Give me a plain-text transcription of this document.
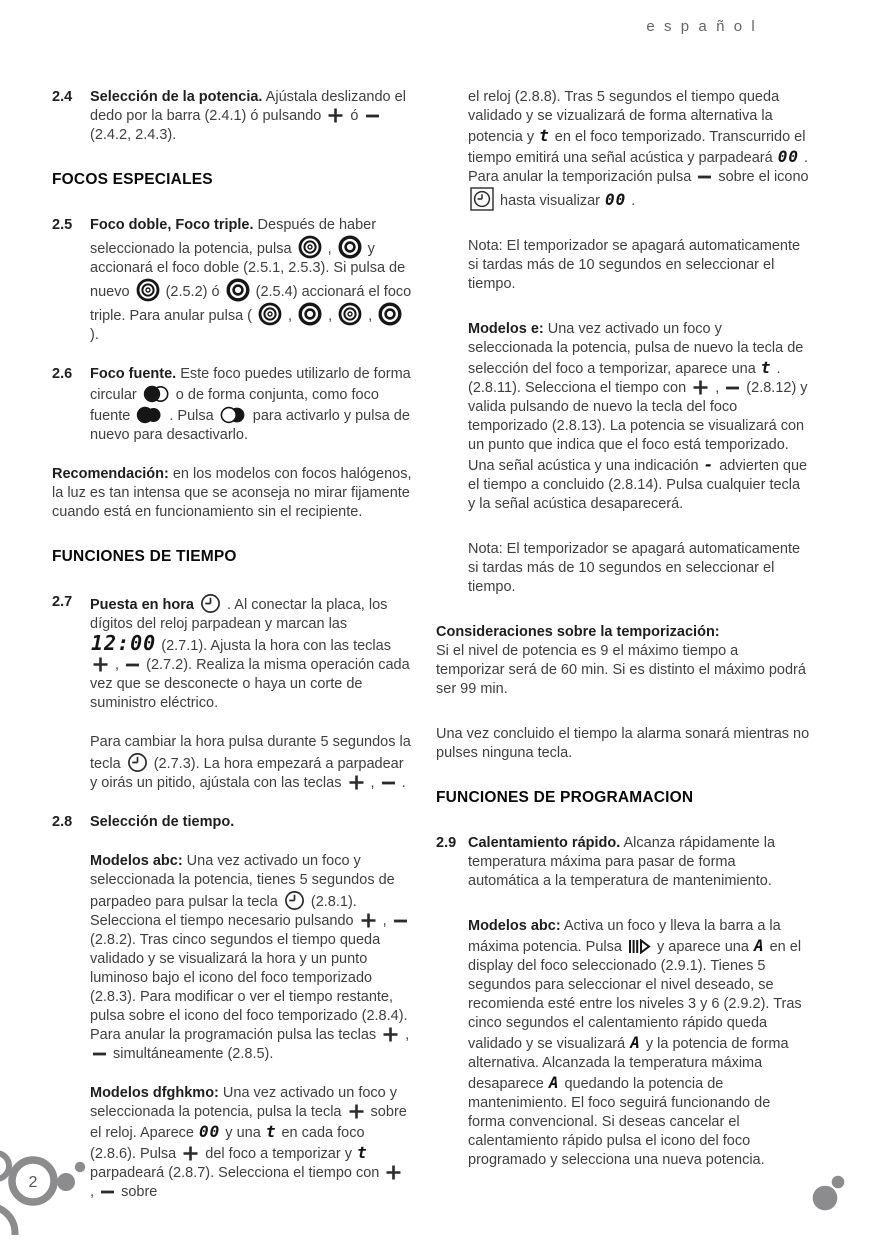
español
2.4	Selección de la potencia. Ajústala deslizando el dedo por la barra (2.4.1) ó pulsando
ó
(2.4.2, 2.4.3).

FOCOS ESPECIALES
2.5	Foco doble, Foco triple. Después de haber seleccionado la potencia, pulsa
,
y accionará el foco doble (2.5.1, 2.5.3). Si pulsa de nuevo
(2.5.2) ó
(2.5.4) accionará el foco triple. Para anular pulsa (
,
,
,
).

2.6	Foco fuente. Este foco puedes utilizarlo de forma circular
o de forma conjunta, como foco fuente
. Pulsa
para activarlo y pulsa de nuevo para desactivarlo.

Recomendación: en los modelos con focos halógenos, la luz es tan intensa que se aconseja no mirar fijamente cuando está en funcionamiento sin el recipiente.

FUNCIONES DE TIEMPO
2.7	Puesta en hora
. Al conectar la placa, los dígitos del reloj parpadean y marcan las 12:00 (2.7.1). Ajusta la hora con las teclas
,
(2.7.2). Realiza la misma operación cada vez que se desconecte o haya un corte de suministro eléctrico.

Para cambiar la hora pulsa durante 5 segundos la tecla
(2.7.3). La hora empezará a parpadear y oirás un pitido, ajústala con las teclas
,
.

2.8	Selección de tiempo.

Modelos abc: Una vez activado un foco y seleccionada la potencia, tienes 5 segundos de parpadeo para pulsar la tecla
(2.8.1). Selecciona el tiempo necesario pulsando
,
(2.8.2). Tras cinco segundos el tiempo queda validado y se visualizará la hora y un punto luminoso bajo el icono del foco temporizado (2.8.3). Para modificar o ver el tiempo restante, pulsa sobre el icono del foco temporizado (2.8.4). Para anular la programación pulsa las teclas
,
simultáneamente (2.8.5).

Modelos dfghkmo: Una vez activado un foco y seleccionada la potencia, pulsa la tecla
sobre el reloj. Aparece 00 y una t en cada foco (2.8.6). Pulsa
del foco a temporizar y t parpadeará (2.8.7). Selecciona el tiempo con
,
sobre

el reloj (2.8.8). Tras 5 segundos el tiempo queda validado y se vizualizará de forma alternativa la potencia y t en el foco temporizado. Transcurrido el tiempo emitirá una señal acústica y parpadeará 00 . Para anular la temporización pulsa
sobre el icono
hasta visualizar 00 .

Nota: El temporizador se apagará automaticamente si tardas más de 10 segundos en seleccionar el tiempo.

Modelos e: Una vez activado un foco y seleccionada la potencia, pulsa de nuevo la tecla de selección del foco a temporizar, aparece una t . (2.8.11). Selecciona el tiempo con
,
(2.8.12) y valida pulsando de nuevo la tecla del foco temporizado (2.8.13). La potencia se visualizará con un punto que indica que el foco está temporizado. Una señal acústica y una indicación - advierten que el tiempo a concluido (2.8.14). Pulsa cualquier tecla y la señal acústica desaparecerá.

Nota: El temporizador se apagará automaticamente si tardas más de 10 segundos en seleccionar el tiempo.

Consideraciones sobre la temporización:

Si el nivel de potencia es 9 el máximo tiempo a temporizar será de 60 min. Si es distinto el máximo podrá ser 99 min.

Una vez concluido el tiempo la alarma sonará mientras no pulses ninguna tecla.

FUNCIONES DE PROGRAMACION
2.9 Calentamiento rápido. Alcanza rápidamente la temperatura máxima para pasar de forma automática a la temperatura de mantenimiento.

Modelos abc: Activa un foco y lleva la barra a la máxima potencia. Pulsa
y aparece una A en el display del foco seleccionado (2.9.1). Tienes 5 segundos para seleccionar el nivel deseado, se recomienda esté entre los niveles 3 y 6 (2.9.2). Tras cinco segundos el calentamiento rápido queda validado y se visualizará A y la potencia de forma alternativa. Alcanzada la temperatura máxima desaparece A quedando la potencia de mantenimiento. El foco seguirá funcionando de forma convencional. Si deseas cancelar el calentamiento rápido pulsa el icono del foco programado y selecciona una nueva potencia.

2
